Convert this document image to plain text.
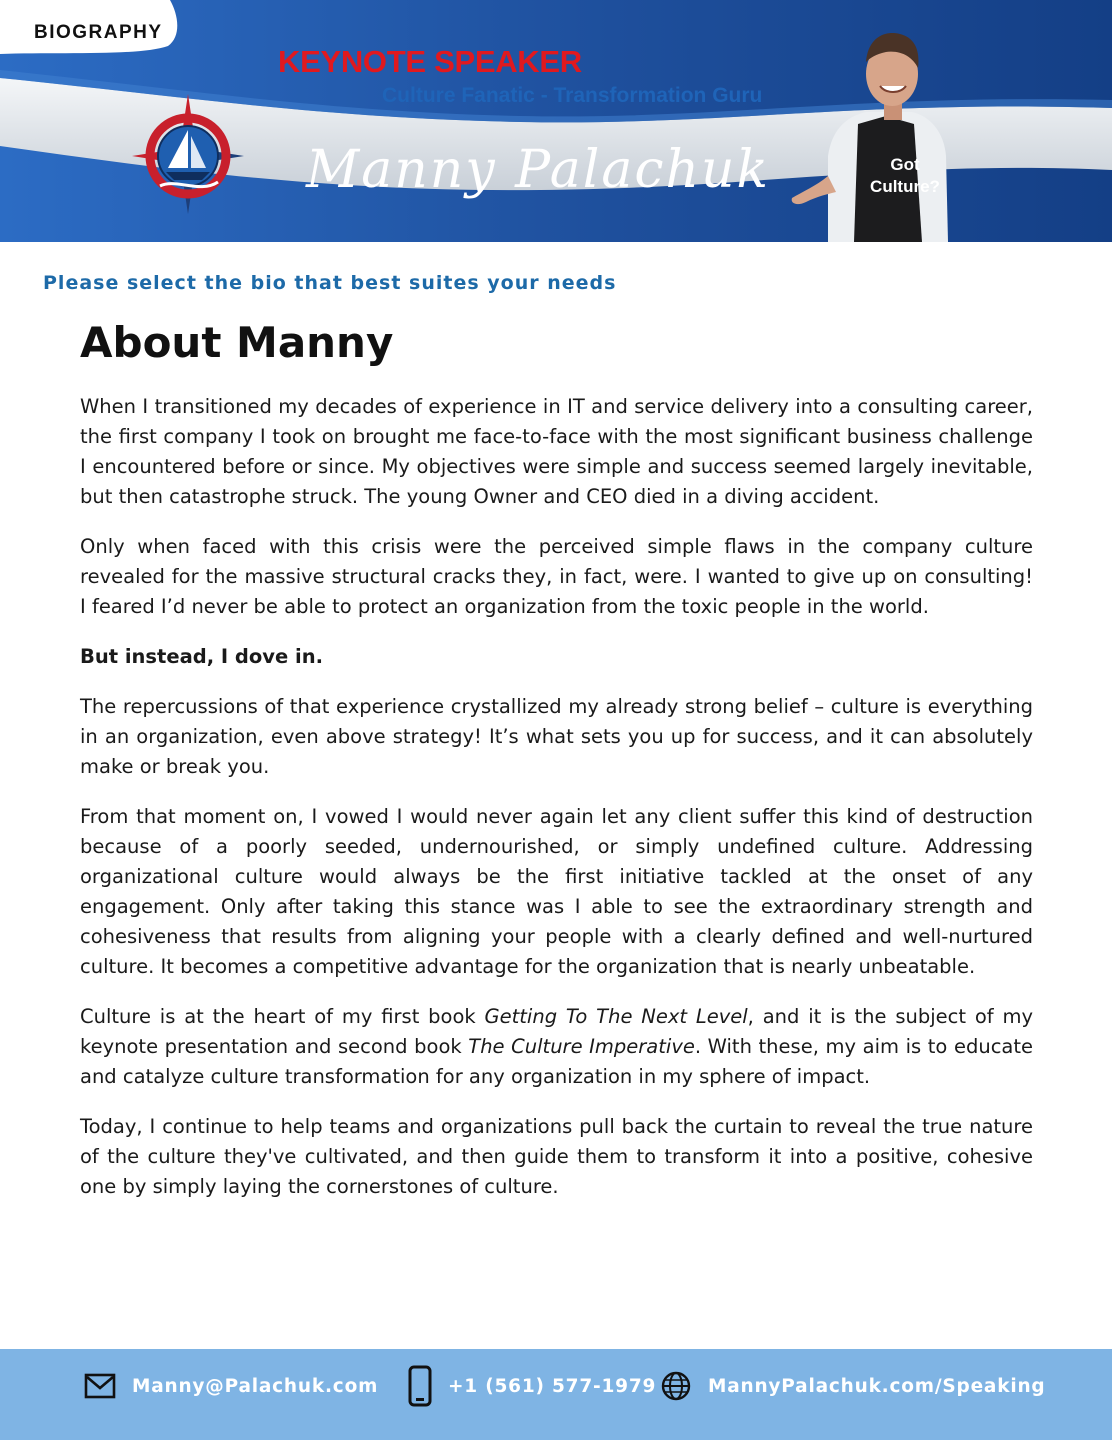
BIOGRAPHY
KEYNOTE SPEAKER
Culture Fanatic - Transformation Guru
Manny Palachuk	Got
Culture?
Please select the bio that best suites your needs
About Manny

When I transitioned my decades of experience in IT and service delivery into a consulting career, the first company I took on brought me face-to-face with the most significant business challenge I encountered before or since. My objectives were simple and success seemed largely inevitable, but then catastrophe struck. The young Owner and CEO died in a diving accident.

Only when faced with this crisis were the perceived simple flaws in the company culture revealed for the massive structural cracks they, in fact, were. I wanted to give up on consulting! I feared I’d never be able to protect an organization from the toxic people in the world.

But instead, I dove in.

The repercussions of that experience crystallized my already strong belief – culture is everything in an organization, even above strategy! It’s what sets you up for success, and it can absolutely make or break you.

From that moment on, I vowed I would never again let any client suffer this kind of destruction because of a poorly seeded, undernourished, or simply undefined culture. Addressing organizational culture would always be the first initiative tackled at the onset of any engagement. Only after taking this stance was I able to see the extraordinary strength and cohesiveness that results from aligning your people with a clearly defined and well-nurtured culture. It becomes a competitive advantage for the organization that is nearly unbeatable.

Culture is at the heart of my first book Getting To The Next Level, and it is the subject of my keynote presentation and second book The Culture Imperative. With these, my aim is to educate and catalyze culture transformation for any organization in my sphere of impact.

Today, I continue to help teams and organizations pull back the curtain to reveal the true nature of the culture they've cultivated, and then guide them to transform it into a positive, cohesive one by simply laying the cornerstones of culture.

Manny@Palachuk.com	+1 (561) 577-1979	MannyPalachuk.com/Speaking
